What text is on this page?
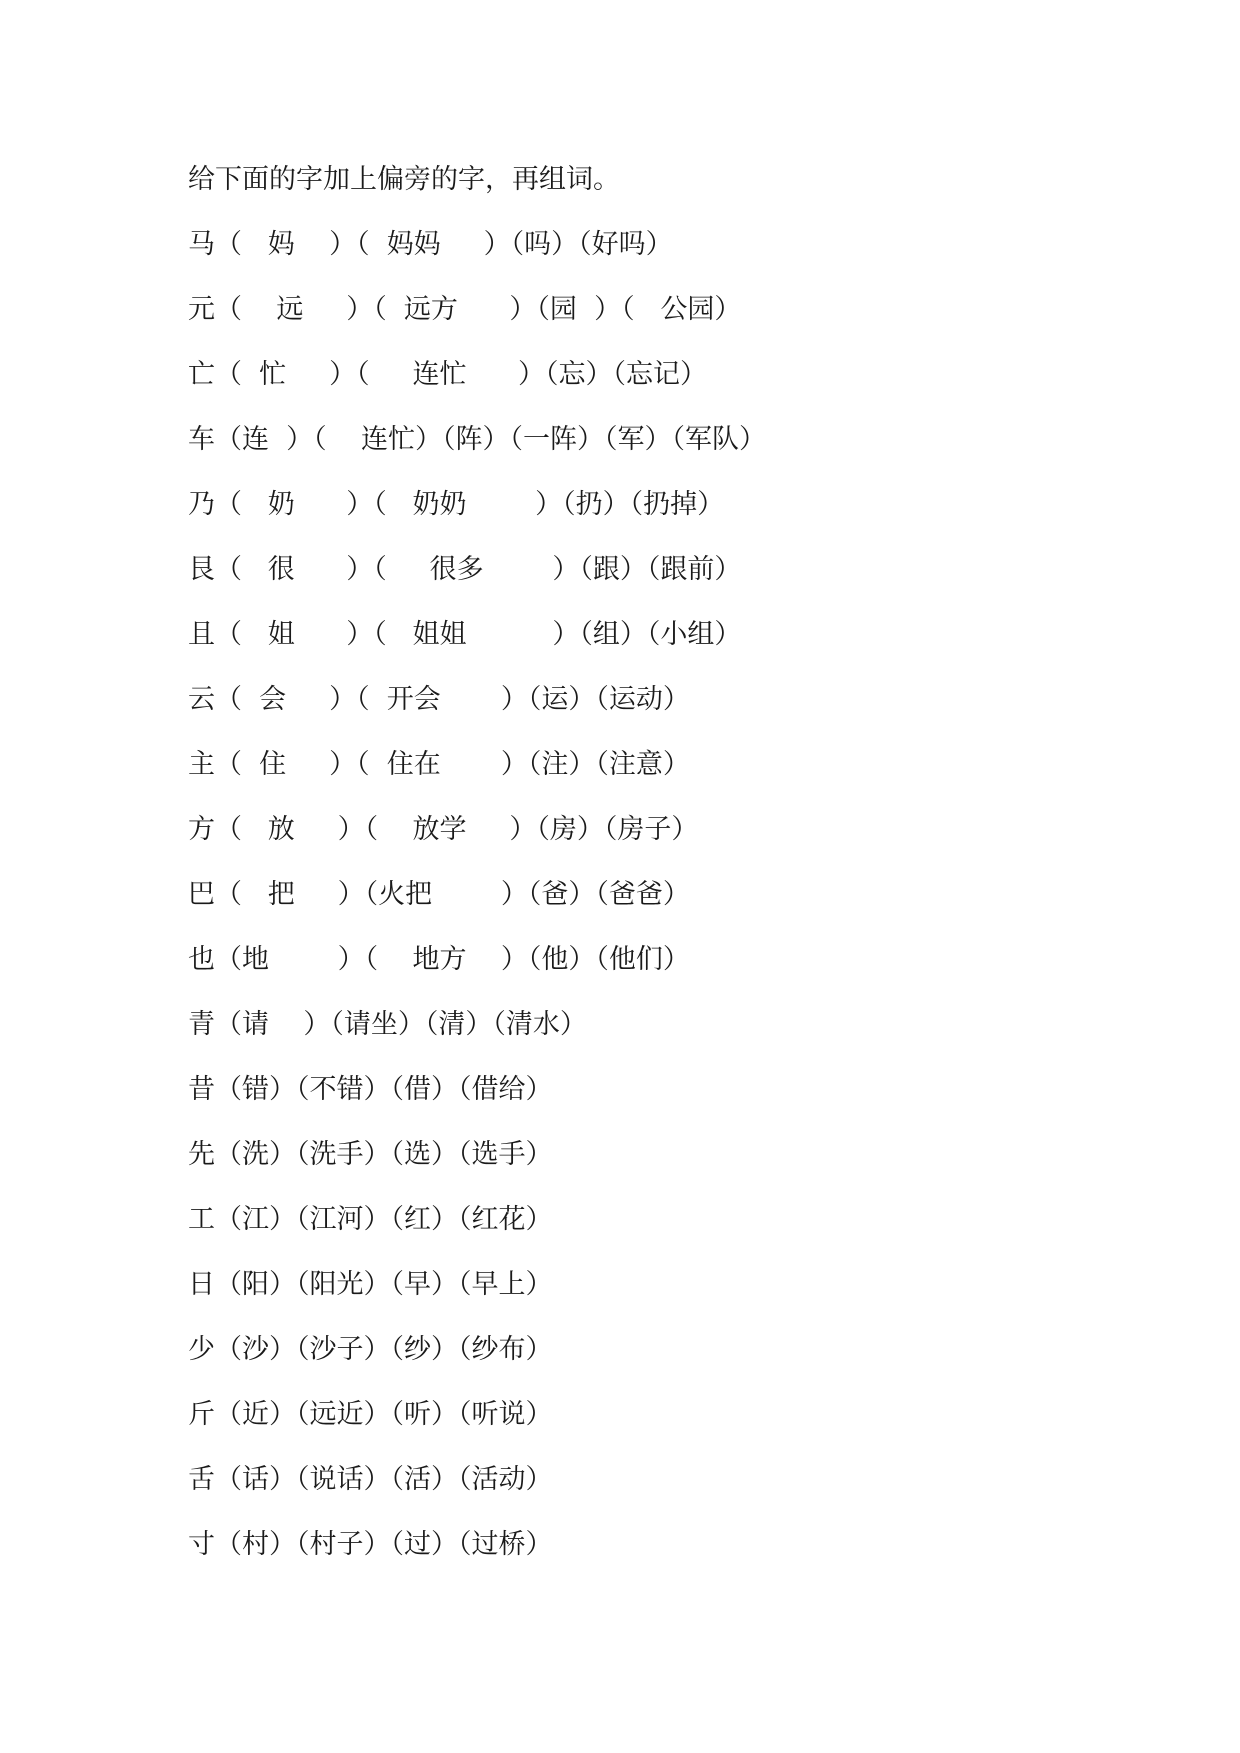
给下面的字加上偏旁的字，再组词。
马（   妈    ）（  妈妈     ）（吗）（好吗）
元（    远     ）（  远方      ）（园  ）（   公园）
亡（  忙     ）（     连忙      ）（忘）（忘记）
车（连  ）（    连忙）（阵）（一阵）（军）（军队）
乃（   奶      ）（   奶奶        ）（扔）（扔掉）
艮（   很      ）（     很多        ）（跟）（跟前）
且（   姐      ）（   姐姐          ）（组）（小组）
云（  会     ）（  开会       ）（运）（运动）
主（  住     ）（  住在       ）（注）（注意）
方（   放     ）（    放学     ）（房）（房子）
巴（   把     ）（火把        ）（爸）（爸爸）
也（地        ）（    地方    ）（他）（他们）
青（请    ）（请坐）（清）（清水）
昔（错）（不错）（借）（借给）
先（洗）（洗手）（选）（选手）
工（江）（江河）（红）（红花）
日（阳）（阳光）（早）（早上）
少（沙）（沙子）（纱）（纱布）
斤（近）（远近）（听）（听说）
舌（话）（说话）（活）（活动）
寸（村）（村子）（过）（过桥）
